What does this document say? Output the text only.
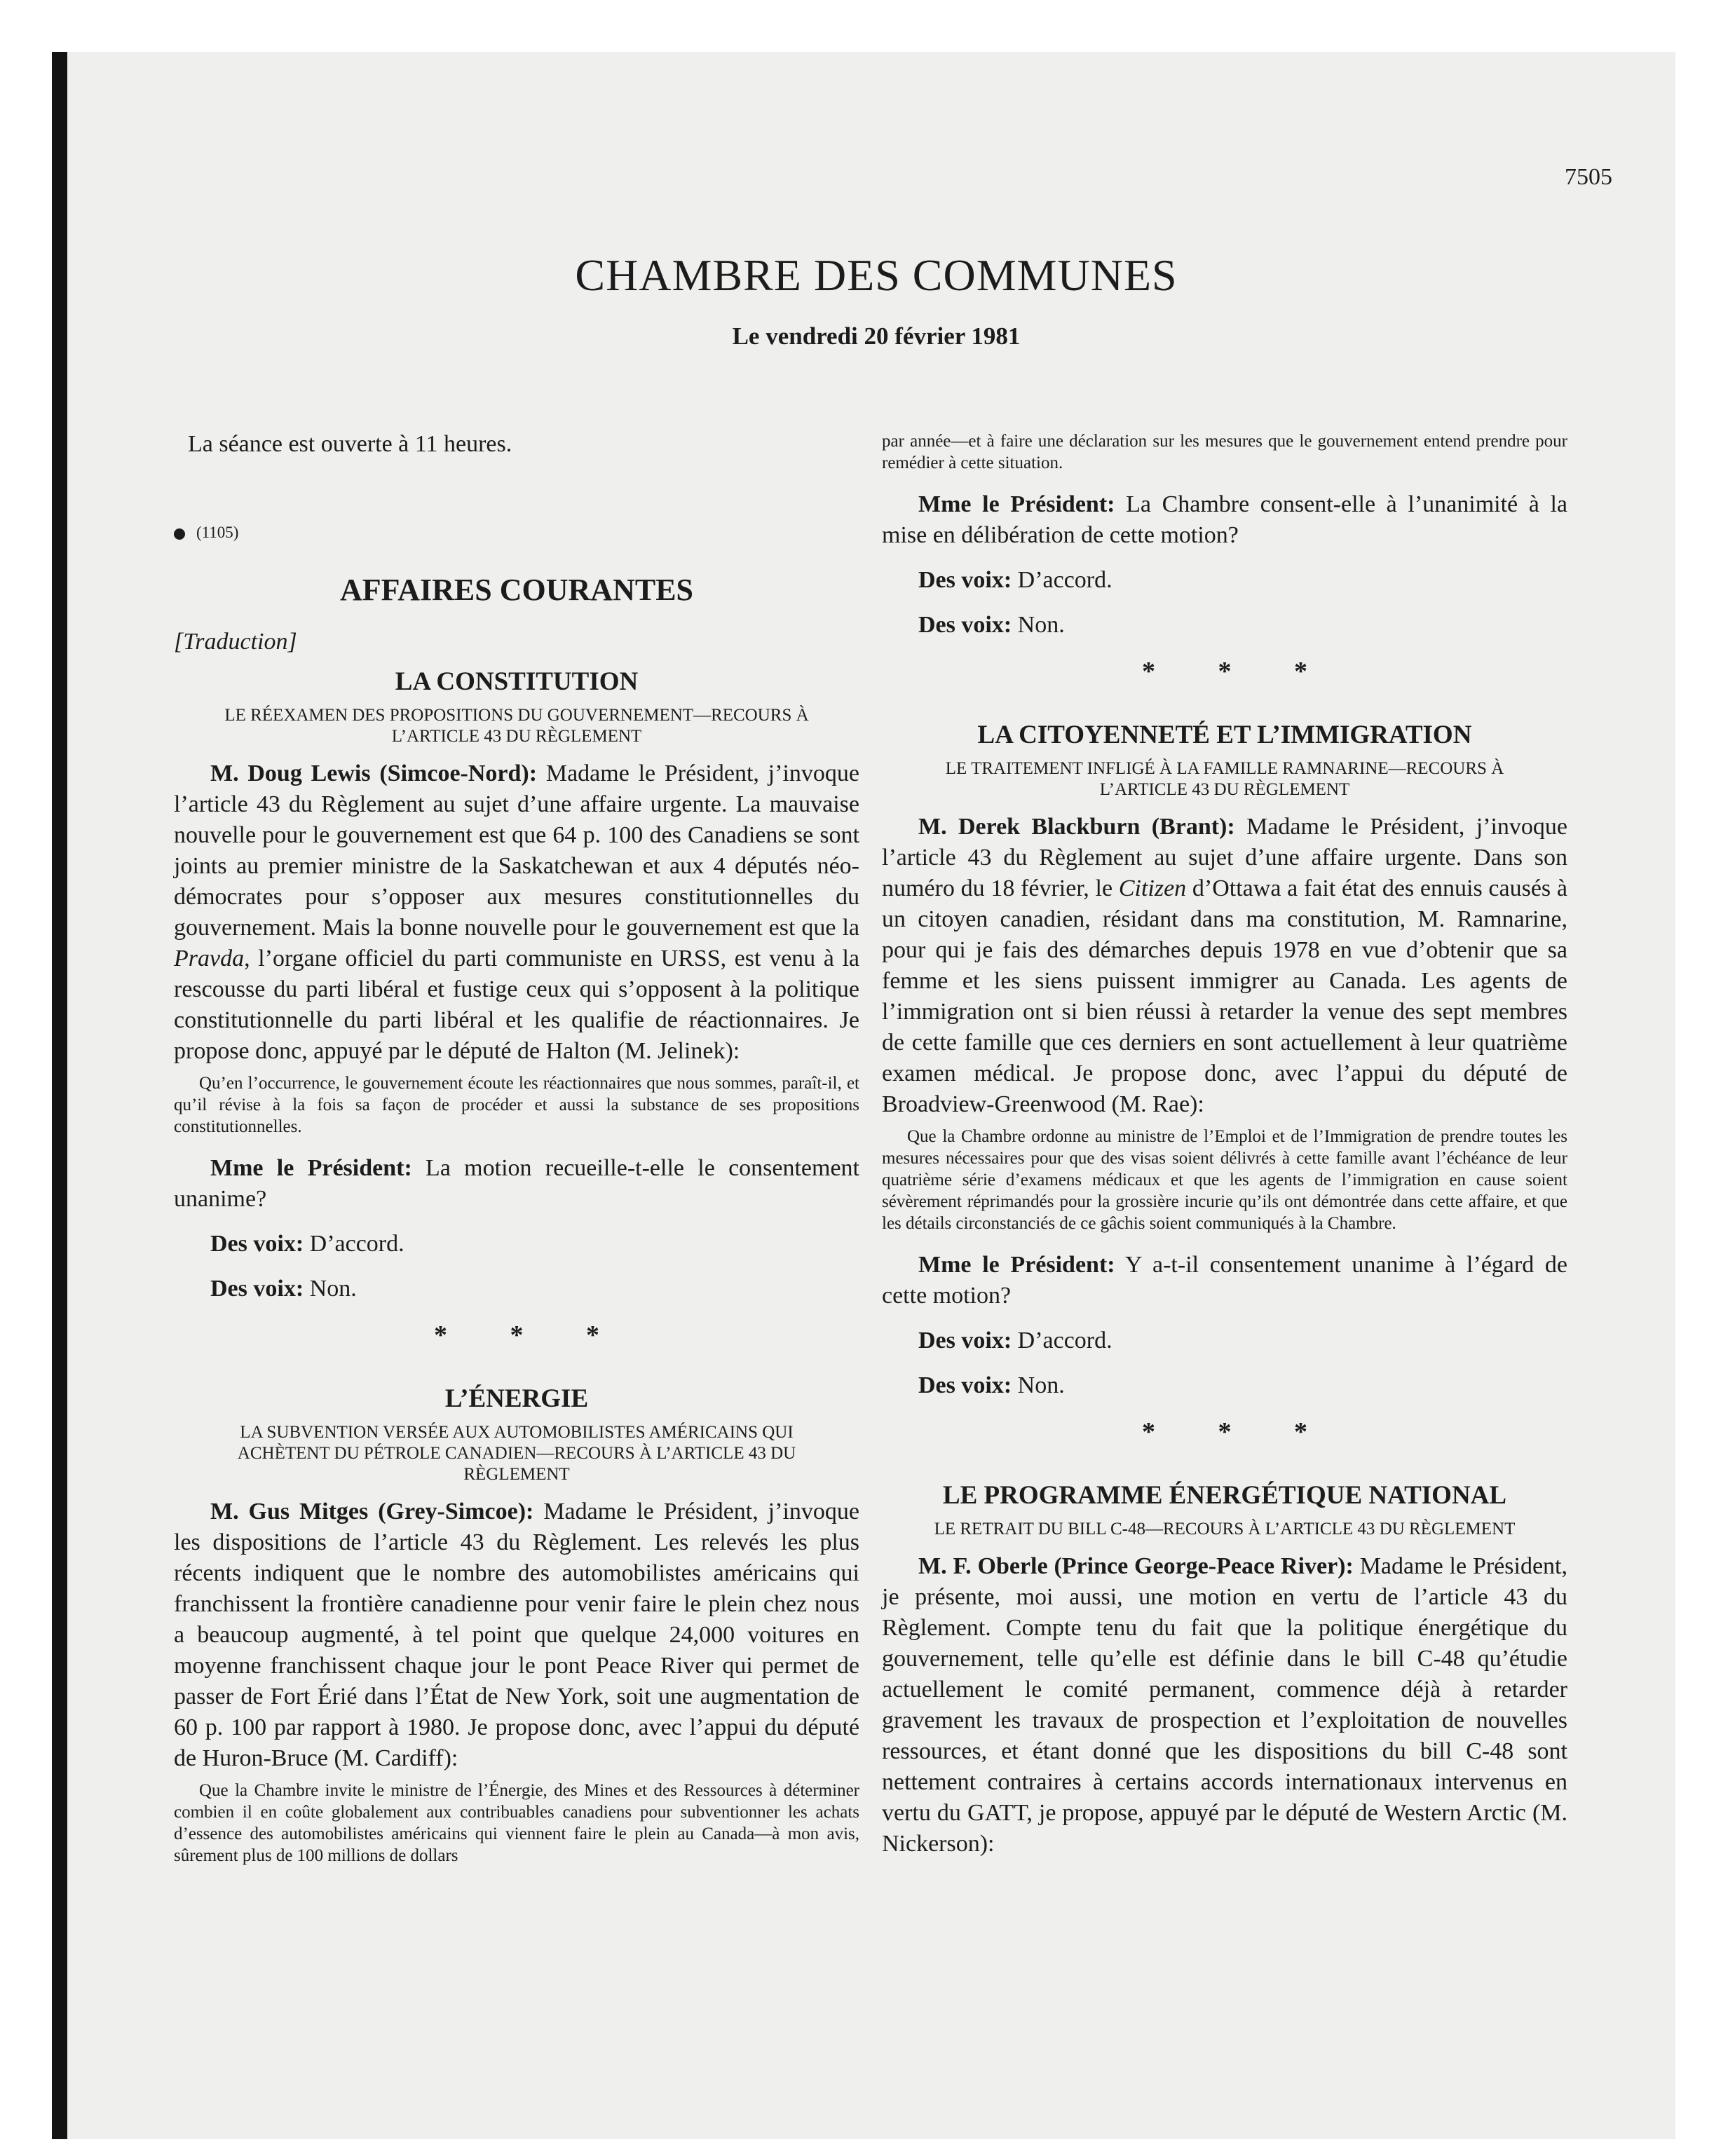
7505
CHAMBRE DES COMMUNES
Le vendredi 20 février 1981

La séance est ouverte à 11 heures.

(1105)

AFFAIRES COURANTES

[Traduction]

LA CONSTITUTION

LE RÉEXAMEN DES PROPOSITIONS DU GOUVERNEMENT—RECOURS À L’ARTICLE 43 DU RÈGLEMENT

M. Doug Lewis (Simcoe-Nord): Madame le Président, j’invoque l’article 43 du Règlement au sujet d’une affaire urgente. La mauvaise nouvelle pour le gouvernement est que 64 p. 100 des Canadiens se sont joints au premier ministre de la Saskatchewan et aux 4 députés néo-démocrates pour s’opposer aux mesures constitutionnelles du gouvernement. Mais la bonne nouvelle pour le gouvernement est que la Pravda, l’organe officiel du parti communiste en URSS, est venu à la rescousse du parti libéral et fustige ceux qui s’opposent à la politique constitutionnelle du parti libéral et les qualifie de réactionnaires. Je propose donc, appuyé par le député de Halton (M. Jelinek):

Qu’en l’occurrence, le gouvernement écoute les réactionnaires que nous sommes, paraît-il, et qu’il révise à la fois sa façon de procéder et aussi la substance de ses propositions constitutionnelles.

Mme le Président: La motion recueille-t-elle le consentement unanime?

Des voix: D’accord.

Des voix: Non.

* * *

L’ÉNERGIE

LA SUBVENTION VERSÉE AUX AUTOMOBILISTES AMÉRICAINS QUI ACHÈTENT DU PÉTROLE CANADIEN—RECOURS À L’ARTICLE 43 DU RÈGLEMENT

M. Gus Mitges (Grey-Simcoe): Madame le Président, j’invoque les dispositions de l’article 43 du Règlement. Les relevés les plus récents indiquent que le nombre des automobilistes américains qui franchissent la frontière canadienne pour venir faire le plein chez nous a beaucoup augmenté, à tel point que quelque 24,000 voitures en moyenne franchissent chaque jour le pont Peace River qui permet de passer de Fort Érié dans l’État de New York, soit une augmentation de 60 p. 100 par rapport à 1980. Je propose donc, avec l’appui du député de Huron-Bruce (M. Cardiff):

Que la Chambre invite le ministre de l’Énergie, des Mines et des Ressources à déterminer combien il en coûte globalement aux contribuables canadiens pour subventionner les achats d’essence des automobilistes américains qui viennent faire le plein au Canada—à mon avis, sûrement plus de 100 millions de dollars

par année—et à faire une déclaration sur les mesures que le gouvernement entend prendre pour remédier à cette situation.

Mme le Président: La Chambre consent-elle à l’unanimité à la mise en délibération de cette motion?

Des voix: D’accord.

Des voix: Non.

* * *

LA CITOYENNETÉ ET L’IMMIGRATION

LE TRAITEMENT INFLIGÉ À LA FAMILLE RAMNARINE—RECOURS À L’ARTICLE 43 DU RÈGLEMENT

M. Derek Blackburn (Brant): Madame le Président, j’invoque l’article 43 du Règlement au sujet d’une affaire urgente. Dans son numéro du 18 février, le Citizen d’Ottawa a fait état des ennuis causés à un citoyen canadien, résidant dans ma constitution, M. Ramnarine, pour qui je fais des démarches depuis 1978 en vue d’obtenir que sa femme et les siens puissent immigrer au Canada. Les agents de l’immigration ont si bien réussi à retarder la venue des sept membres de cette famille que ces derniers en sont actuellement à leur quatrième examen médical. Je propose donc, avec l’appui du député de Broadview-Greenwood (M. Rae):

Que la Chambre ordonne au ministre de l’Emploi et de l’Immigration de prendre toutes les mesures nécessaires pour que des visas soient délivrés à cette famille avant l’échéance de leur quatrième série d’examens médicaux et que les agents de l’immigration en cause soient sévèrement réprimandés pour la grossière incurie qu’ils ont démontrée dans cette affaire, et que les détails circonstanciés de ce gâchis soient communiqués à la Chambre.

Mme le Président: Y a-t-il consentement unanime à l’égard de cette motion?

Des voix: D’accord.

Des voix: Non.

* * *

LE PROGRAMME ÉNERGÉTIQUE NATIONAL

LE RETRAIT DU BILL C-48—RECOURS À L’ARTICLE 43 DU RÈGLEMENT

M. F. Oberle (Prince George-Peace River): Madame le Président, je présente, moi aussi, une motion en vertu de l’article 43 du Règlement. Compte tenu du fait que la politique énergétique du gouvernement, telle qu’elle est définie dans le bill C-48 qu’étudie actuellement le comité permanent, commence déjà à retarder gravement les travaux de prospection et l’exploitation de nouvelles ressources, et étant donné que les dispositions du bill C-48 sont nettement contraires à certains accords internationaux intervenus en vertu du GATT, je propose, appuyé par le député de Western Arctic (M. Nickerson):
